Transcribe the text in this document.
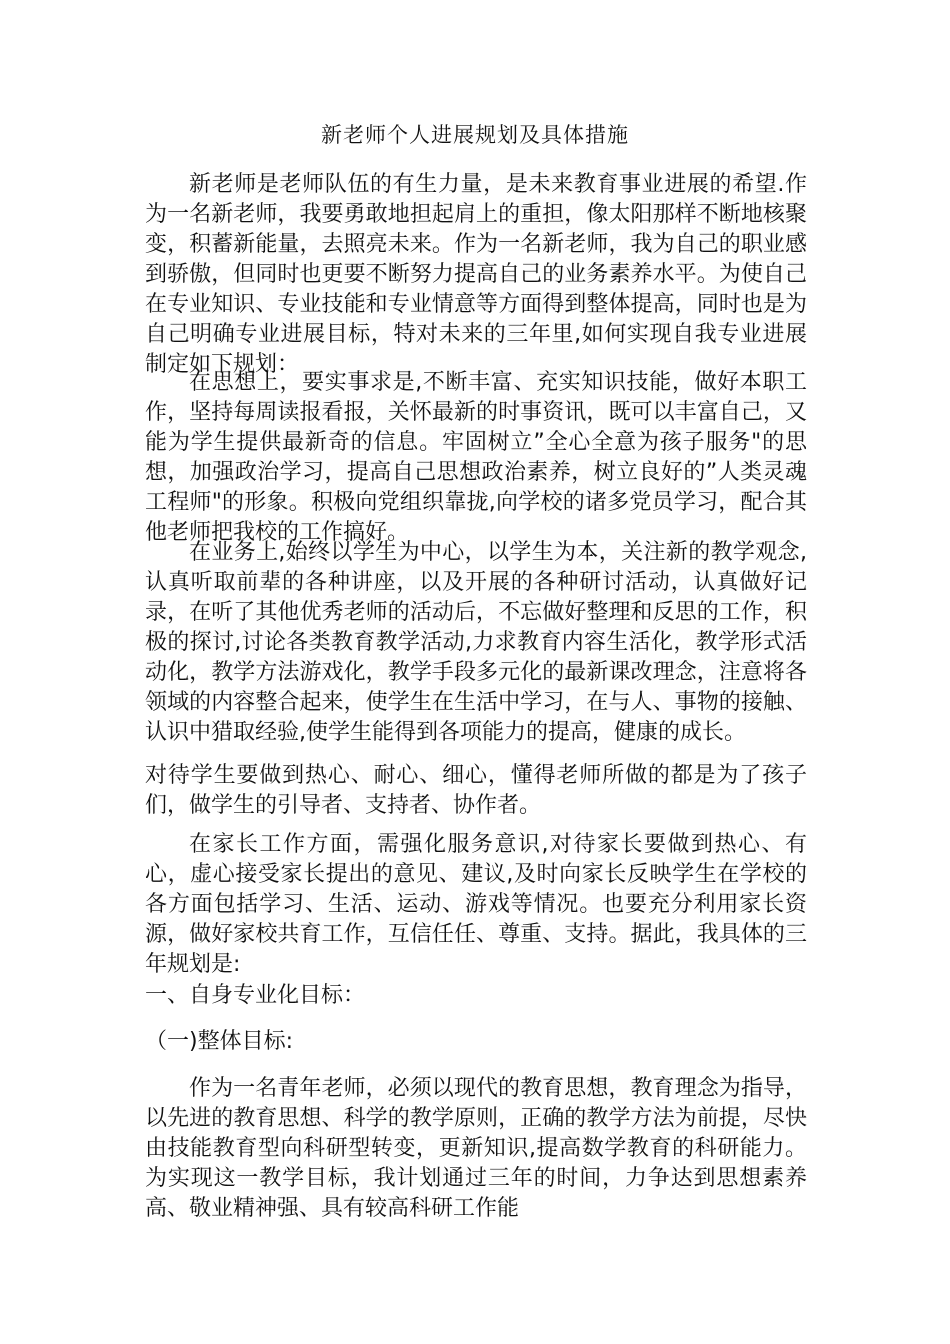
新老师个人进展规划及具体措施

新老师是老师队伍的有生力量，是未来教育事业进展的希望.作为一名新老师，我要勇敢地担起肩上的重担，像太阳那样不断地核聚变，积蓄新能量，去照亮未来。作为一名新老师，我为自己的职业感到骄傲，但同时也更要不断努力提高自己的业务素养水平。为使自己在专业知识、专业技能和专业情意等方面得到整体提高，同时也是为自己明确专业进展目标，特对未来的三年里,如何实现自我专业进展制定如下规划：

在思想上，要实事求是,不断丰富、充实知识技能，做好本职工作，坚持每周读报看报，关怀最新的时事资讯，既可以丰富自己，又能为学生提供最新奇的信息。牢固树立”全心全意为孩子服务"的思想，加强政治学习，提高自己思想政治素养，树立良好的”人类灵魂工程师"的形象。积极向党组织靠拢,向学校的诸多党员学习，配合其他老师把我校的工作搞好。

在业务上,始终以学生为中心，以学生为本，关注新的教学观念,认真听取前辈的各种讲座，以及开展的各种研讨活动，认真做好记录，在听了其他优秀老师的活动后，不忘做好整理和反思的工作，积极的探讨,讨论各类教育教学活动,力求教育内容生活化，教学形式活动化，教学方法游戏化，教学手段多元化的最新课改理念，注意将各领域的内容整合起来，使学生在生活中学习，在与人、事物的接触、认识中猎取经验,使学生能得到各项能力的提高，健康的成长。

对待学生要做到热心、耐心、细心，懂得老师所做的都是为了孩子们，做学生的引导者、支持者、协作者。

在家长工作方面，需强化服务意识,对待家长要做到热心、有心，虚心接受家长提出的意见、建议,及时向家长反映学生在学校的各方面包括学习、生活、运动、游戏等情况。也要充分利用家长资源，做好家校共育工作，互信任任、尊重、支持。据此，我具体的三年规划是:

一、自身专业化目标：

（一)整体目标:

作为一名青年老师，必须以现代的教育思想，教育理念为指导，以先进的教育思想、科学的教学原则，正确的教学方法为前提，尽快由技能教育型向科研型转变，更新知识,提高数学教育的科研能力。为实现这一教学目标，我计划通过三年的时间，力争达到思想素养高、敬业精神强、具有较高科研工作能
